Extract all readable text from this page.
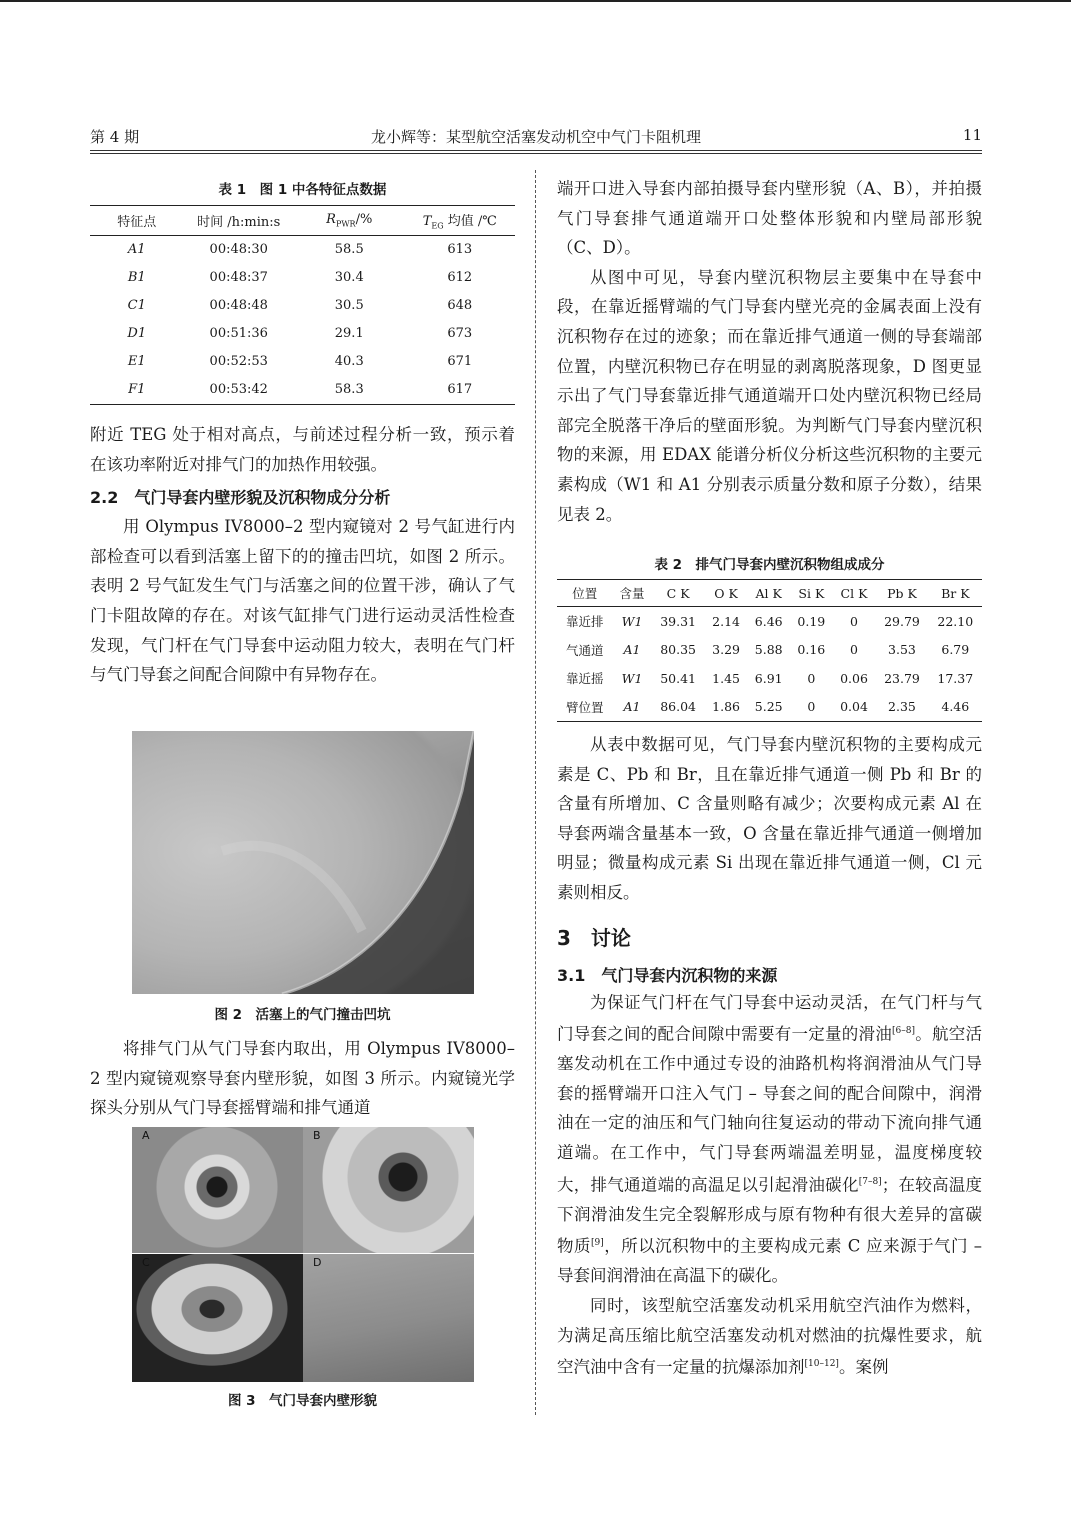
第 4 期	龙小辉等：某型航空活塞发动机空中气门卡阻机理	11
表 1　图 1 中各特征点数据
特征点	时间 /h:min:s	$R_{PWR}/\%$	$T_{EG}$ 均值 /℃
A1	00:48:30	58.5	613
B1	00:48:37	30.4	612
C1	00:48:48	30.5	648
D1	00:51:36	29.1	673
E1	00:52:53	40.3	671
F1	00:53:42	58.3	617

附近 TEG 处于相对高点，与前述过程分析一致，预示着在该功率附近对排气门的加热作用较强。

2.2　气门导套内壁形貌及沉积物成分分析

用 Olympus IV8000–2 型内窥镜对 2 号气缸进行内部检查可以看到活塞上留下的的撞击凹坑，如图 2 所示。表明 2 号气缸发生气门与活塞之间的位置干涉，确认了气门卡阻故障的存在。对该气缸排气门进行运动灵活性检查发现，气门杆在气门导套中运动阻力较大，表明在气门杆与气门导套之间配合间隙中有异物存在。

图 2　活塞上的气门撞击凹坑

将排气门从气门导套内取出，用 Olympus IV8000–2 型内窥镜观察导套内壁形貌，如图 3 所示。内窥镜光学探头分别从气门导套摇臂端和排气通道

A	B
C	D
图 3　气门导套内壁形貌

端开口进入导套内部拍摄导套内壁形貌（A、B），并拍摄气门导套排气通道端开口处整体形貌和内壁局部形貌（C、D）。

从图中可见，导套内壁沉积物层主要集中在导套中段，在靠近摇臂端的气门导套内壁光亮的金属表面上没有沉积物存在过的迹象；而在靠近排气通道一侧的导套端部位置，内壁沉积物已存在明显的剥离脱落现象，D 图更显示出了气门导套靠近排气通道端开口处内壁沉积物已经局部完全脱落干净后的壁面形貌。为判断气门导套内壁沉积物的来源，用 EDAX 能谱分析仪分析这些沉积物的主要元素构成（W1 和 A1 分别表示质量分数和原子分数），结果见表 2。

表 2　排气门导套内壁沉积物组成成分
位置	含量	C K	O K	Al K	Si K	Cl K	Pb K	Br K
靠近排	W1	39.31	2.14	6.46	0.19	0	29.79	22.10
气通道	A1	80.35	3.29	5.88	0.16	0	3.53	6.79
靠近摇	W1	50.41	1.45	6.91	0	0.06	23.79	17.37
臂位置	A1	86.04	1.86	5.25	0	0.04	2.35	4.46

从表中数据可见，气门导套内壁沉积物的主要构成元素是 C、Pb 和 Br，且在靠近排气通道一侧 Pb 和 Br 的含量有所增加、C 含量则略有减少；次要构成元素 Al 在导套两端含量基本一致，O 含量在靠近排气通道一侧增加明显；微量构成元素 Si 出现在靠近排气通道一侧，Cl 元素则相反。

3　讨论

3.1　气门导套内沉积物的来源

为保证气门杆在气门导套中运动灵活，在气门杆与气门导套之间的配合间隙中需要有一定量的滑油[6–8]。航空活塞发动机在工作中通过专设的油路机构将润滑油从气门导套的摇臂端开口注入气门 – 导套之间的配合间隙中，润滑油在一定的油压和气门轴向往复运动的带动下流向排气通道端。在工作中，气门导套两端温差明显，温度梯度较大，排气通道端的高温足以引起滑油碳化[7–8]；在较高温度下润滑油发生完全裂解形成与原有物种有很大差异的富碳物质[9]，所以沉积物中的主要构成元素 C 应来源于气门 – 导套间润滑油在高温下的碳化。

同时，该型航空活塞发动机采用航空汽油作为燃料，为满足高压缩比航空活塞发动机对燃油的抗爆性要求，航空汽油中含有一定量的抗爆添加剂[10–12]。案例
